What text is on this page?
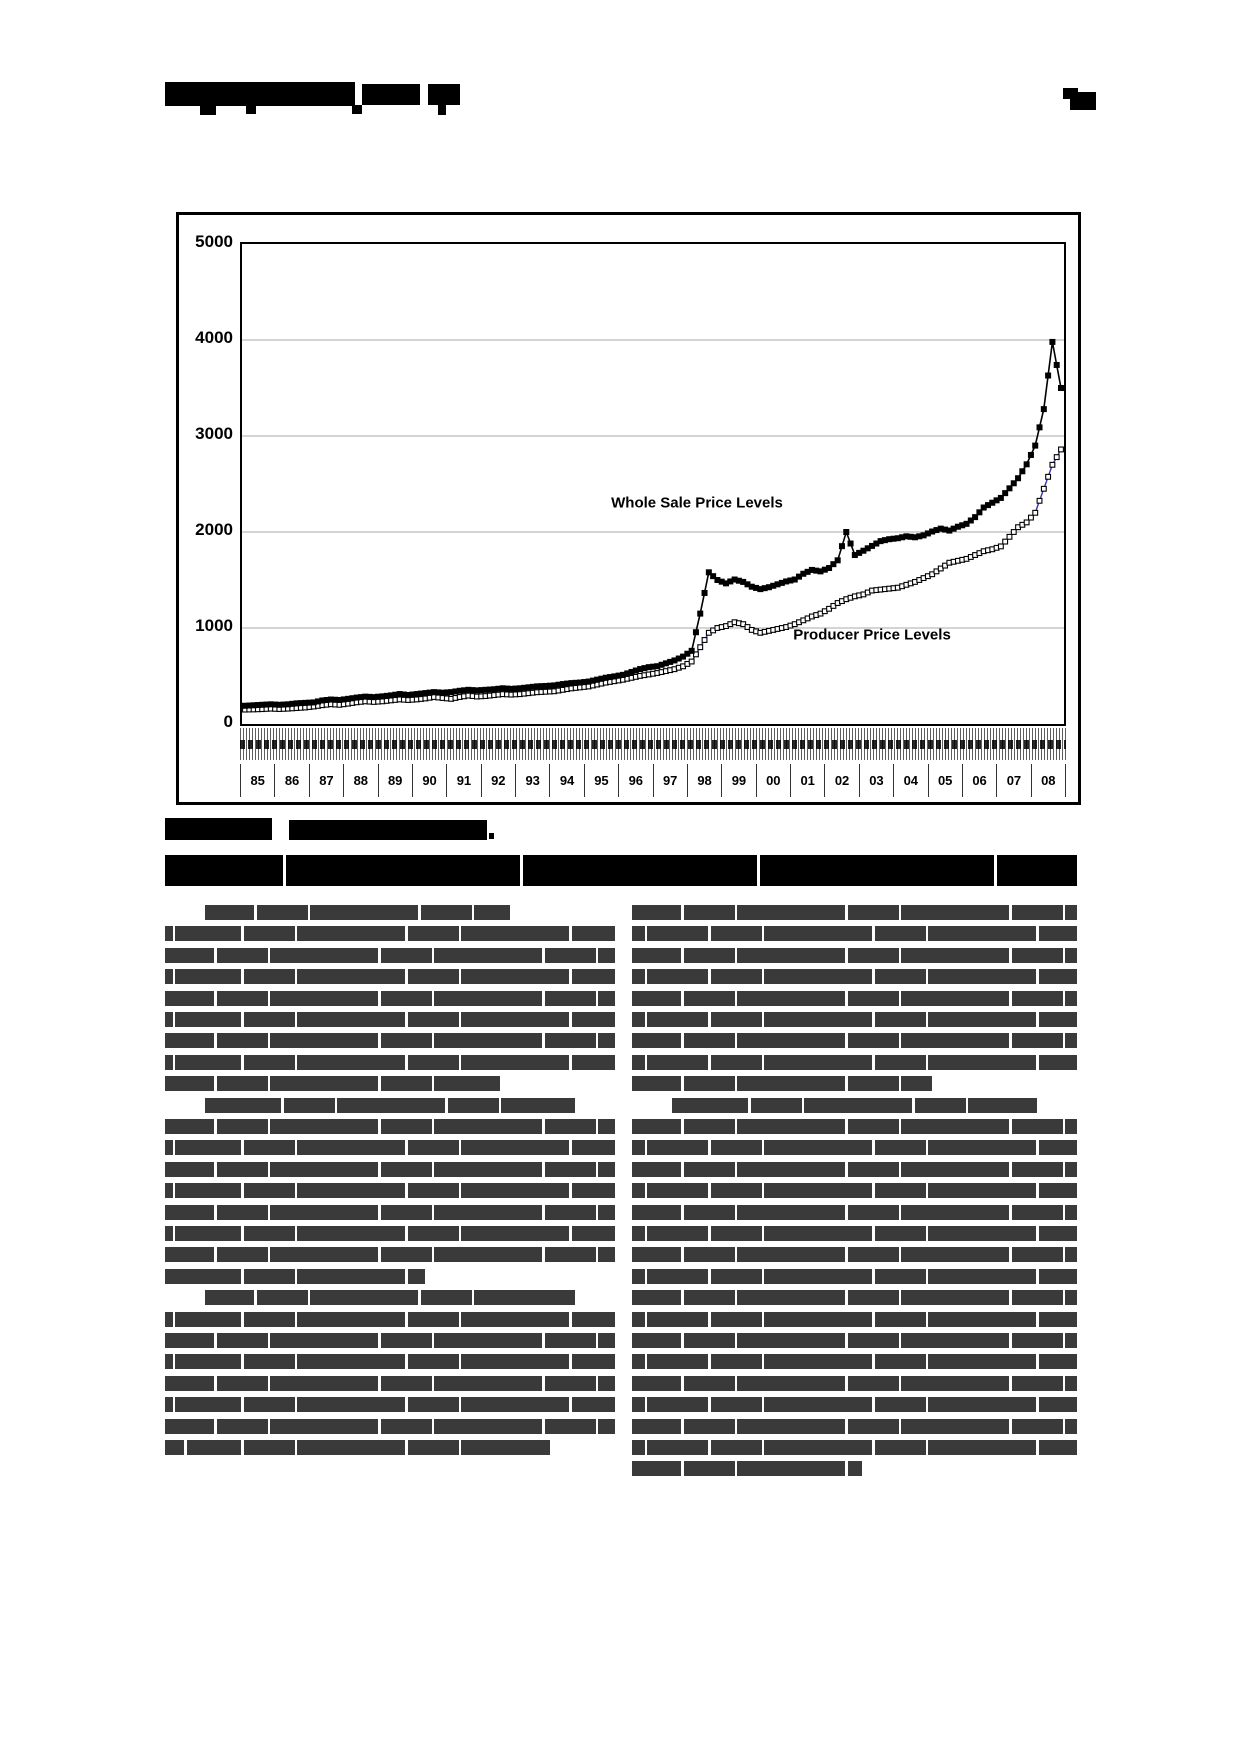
Whole Sale Price Levels
Producer Price Levels
85	86	87	88	89	90	91	92	93	94	95	96	97	98	99	00	01	02	03	04	05	06	07	08
5000
4000
3000
2000
1000
0
